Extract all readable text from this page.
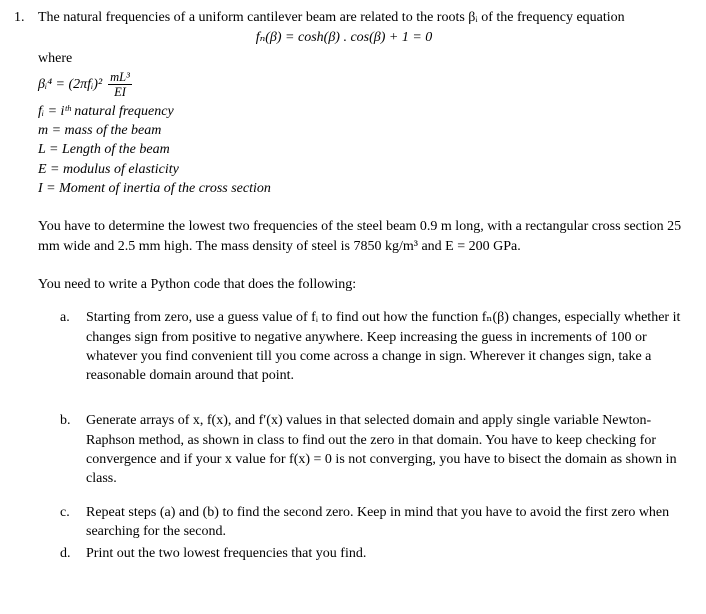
1. The natural frequencies of a uniform cantilever beam are related to the roots βᵢ of the frequency equation

fₙ(β) = cosh(β) . cos(β) + 1 = 0

where

βᵢ⁴ = (2πfᵢ)² $\frac{\text{mL³}}{EI}$
fᵢ = iᵗʰ natural frequency
m = mass of the beam
L = Length of the beam
E = modulus of elasticity
I = Moment of inertia of the cross section

You have to determine the lowest two frequencies of the steel beam 0.9 m long, with a rectangular cross section 25 mm wide and 2.5 mm high. The mass density of steel is 7850 kg/m³ and E = 200 GPa.

You need to write a Python code that does the following:

a.	Starting from zero, use a guess value of fᵢ to find out how the function fₙ(β) changes, especially whether it changes sign from positive to negative anywhere. Keep increasing the guess in increments of 100 or whatever you find convenient till you come across a change in sign. Wherever it changes sign, take a reasonable domain around that point.
b.	Generate arrays of x, f(x), and f′(x) values in that selected domain and apply single variable Newton-Raphson method, as shown in class to find out the zero in that domain. You have to keep checking for convergence and if your x value for f(x) = 0 is not converging, you have to bisect the domain as shown in class.
c.	Repeat steps (a) and (b) to find the second zero. Keep in mind that you have to avoid the first zero when searching for the second.
d.	Print out the two lowest frequencies that you find.
